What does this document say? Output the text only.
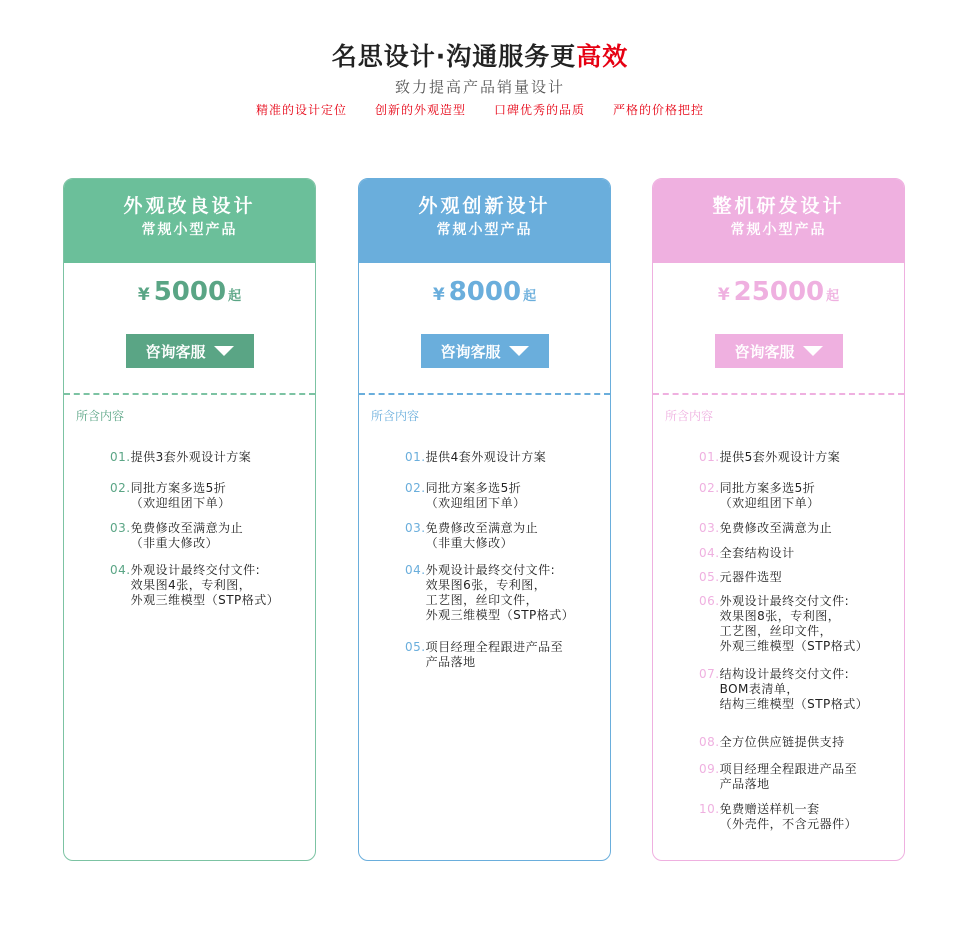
名思设计·沟通服务更高效
致力提高产品销量设计
精准的设计定位 创新的外观造型 口碑优秀的品质 严格的价格把控
外观改良设计
常规小型产品
¥ 5000 起
咨询客服
所含内容
01. 提供3套外观设计方案
02. 同批方案多选5折
（欢迎组团下单）
03. 免费修改至满意为止
（非重大修改）
04. 外观设计最终交付文件:
效果图4张，专利图，
外观三维模型（STP格式）
外观创新设计
常规小型产品
¥ 8000 起
咨询客服
所含内容
01. 提供4套外观设计方案
02. 同批方案多选5折
（欢迎组团下单）
03. 免费修改至满意为止
（非重大修改）
04. 外观设计最终交付文件:
效果图6张，专利图，
工艺图，丝印文件，
外观三维模型（STP格式）
05. 项目经理全程跟进产品至
产品落地
整机研发设计
常规小型产品
¥ 25000 起
咨询客服
所含内容
01. 提供5套外观设计方案
02. 同批方案多选5折
（欢迎组团下单）
03. 免费修改至满意为止
04. 全套结构设计
05. 元器件选型
06. 外观设计最终交付文件:
效果图8张，专利图，
工艺图，丝印文件，
外观三维模型（STP格式）
07. 结构设计最终交付文件:
BOM表清单，
结构三维模型（STP格式）
08. 全方位供应链提供支持
09. 项目经理全程跟进产品至
产品落地
10. 免费赠送样机一套
（外壳件，不含元器件）
